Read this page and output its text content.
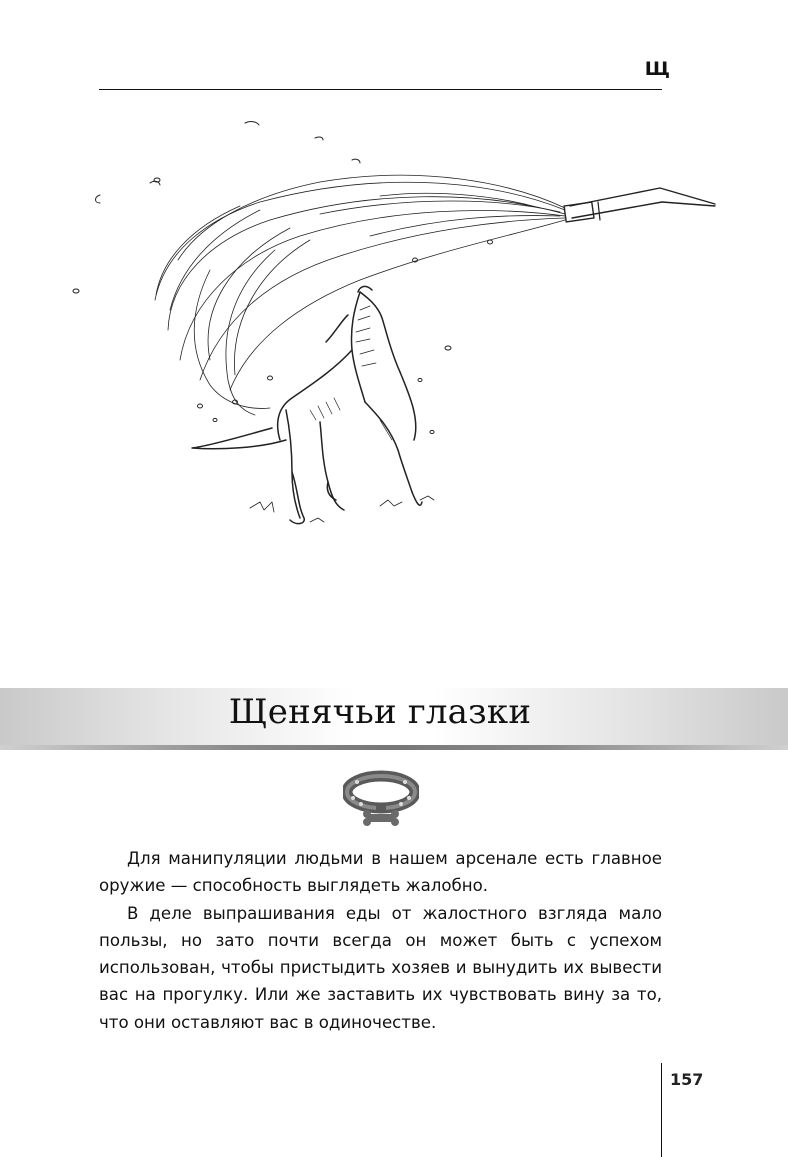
Щ
Щенячьи глазки

Для манипуляции людьми в нашем арсенале есть главное оружие — способность выглядеть жалобно.

В деле выпрашивания еды от жалостного взгляда мало пользы, но зато почти всегда он может быть с успехом использован, чтобы пристыдить хозяев и вынудить их вывести вас на прогулку. Или же заставить их чувствовать вину за то, что они оставляют вас в одиночестве.

157
